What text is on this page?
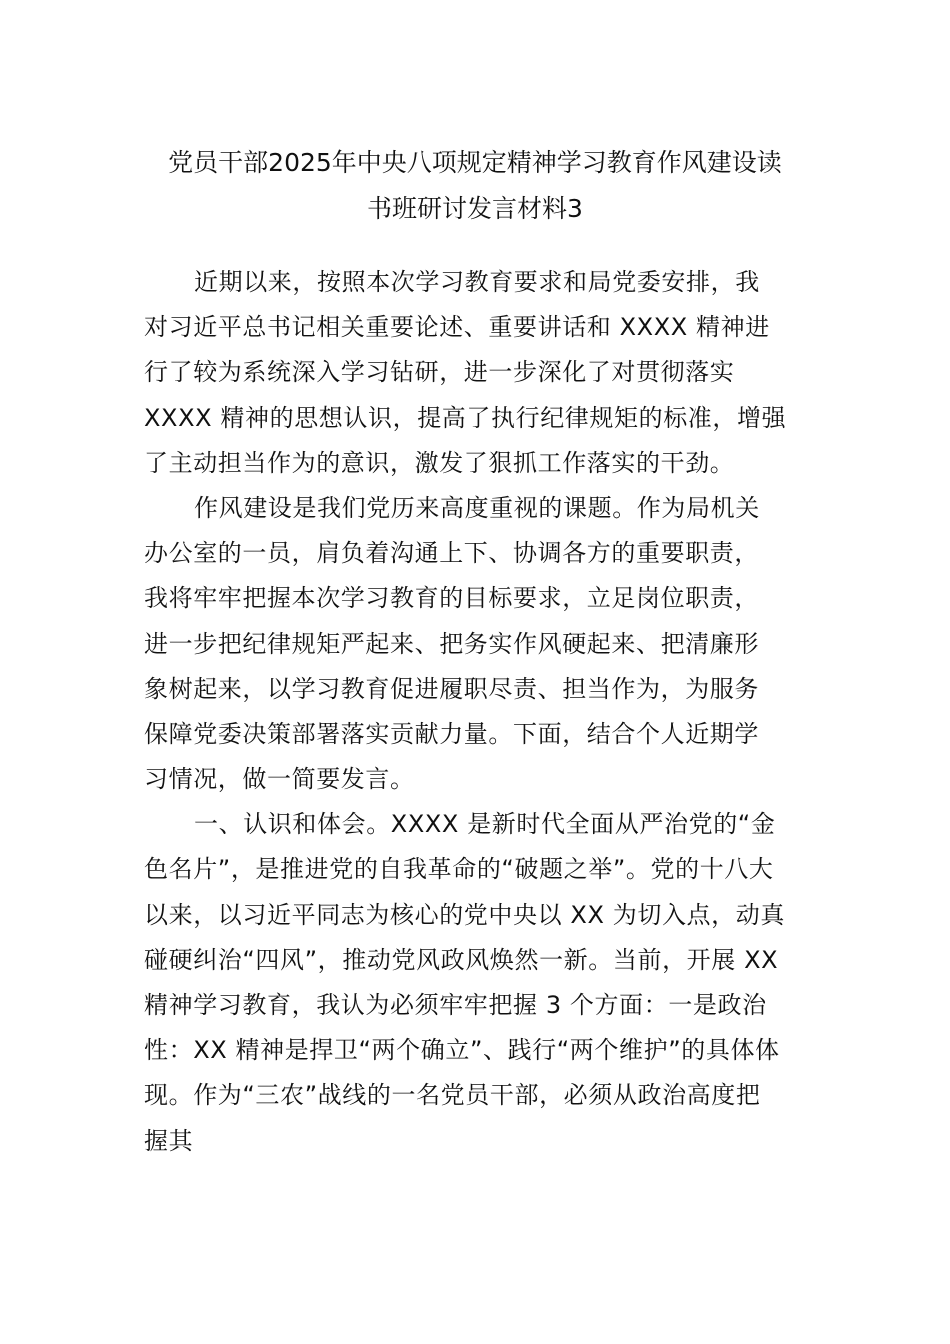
党员干部2025年中央八项规定精神学习教育作风建设读
书班研讨发言材料3

近期以来，按照本次学习教育要求和局党委安排，我
对习近平总书记相关重要论述、重要讲话和 XXXX 精神进
行了较为系统深入学习钻研，进一步深化了对贯彻落实
XXXX 精神的思想认识，提高了执行纪律规矩的标准，增强
了主动担当作为的意识，激发了狠抓工作落实的干劲。

作风建设是我们党历来高度重视的课题。作为局机关
办公室的一员，肩负着沟通上下、协调各方的重要职责，
我将牢牢把握本次学习教育的目标要求，立足岗位职责，
进一步把纪律规矩严起来、把务实作风硬起来、把清廉形
象树起来，以学习教育促进履职尽责、担当作为，为服务
保障党委决策部署落实贡献力量。下面，结合个人近期学
习情况，做一简要发言。

一、认识和体会。XXXX 是新时代全面从严治党的“金
色名片”，是推进党的自我革命的“破题之举”。党的十八大
以来，以习近平同志为核心的党中央以 XX 为切入点，动真
碰硬纠治“四风”，推动党风政风焕然一新。当前，开展 XX
精神学习教育，我认为必须牢牢把握 3 个方面：一是政治
性：XX 精神是捍卫“两个确立”、践行“两个维护”的具体体
现。作为“三农”战线的一名党员干部，必须从政治高度把
握其
